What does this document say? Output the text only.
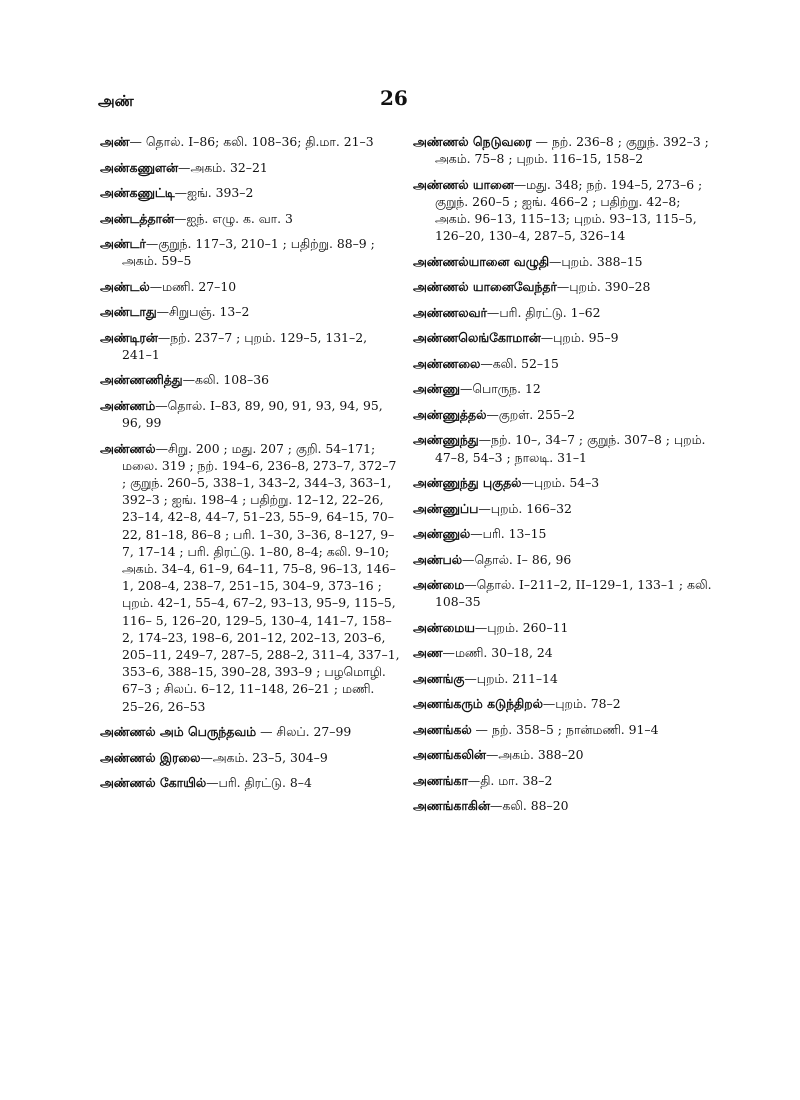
அண்	26
அண்— தொல். I–86; கலி. 108–36; தி.மா. 21–3
அண்கணுளன்—அகம். 32–21
அண்கணுட்டி—ஐங். 393–2
அண்டத்தான்—ஐந். எழு. க. வா. 3
அண்டர்—குறுந். 117–3, 210–1 ; பதிற்று. 88–9 ; அகம். 59–5
அண்டல்—மணி. 27–10
அண்டாது—சிறுபஞ். 13–2
அண்டிரன்—நற். 237–7 ; புறம். 129–5, 131–2, 241–1
அண்ணணித்து—கலி. 108–36
அண்ணம்—தொல். I–83, 89, 90, 91, 93, 94, 95, 96, 99
அண்ணல்—சிறு. 200 ; மது. 207 ; குறி. 54–171; மலை. 319 ; நற். 194–6, 236–8, 273–7, 372–7 ; குறுந். 260–5, 338–1, 343–2, 344–3, 363–1, 392–3 ; ஐங். 198–4 ; பதிற்று. 12–12, 22–26, 23–14, 42–8, 44–7, 51–23, 55–9, 64–15, 70–22, 81–18, 86–8 ; பரி. 1–30, 3–36, 8–127, 9–7, 17–14 ; பரி. திரட்டு. 1–80, 8–4; கலி. 9–10; அகம். 34–4, 61–9, 64–11, 75–8, 96–13, 146–1, 208–4, 238–7, 251–15, 304–9, 373–16 ; புறம். 42–1, 55–4, 67–2, 93–13, 95–9, 115–5, 116– 5, 126–20, 129–5, 130–4, 141–7, 158–2, 174–23, 198–6, 201–12, 202–13, 203–6, 205–11, 249–7, 287–5, 288–2, 311–4, 337–1, 353–6, 388–15, 390–28, 393–9 ; பழமொழி. 67–3 ; சிலப். 6–12, 11–148, 26–21 ; மணி. 25–26, 26–53
அண்ணல் அம் பெருந்தவம் — சிலப். 27–99
அண்ணல் இரலை—அகம். 23–5, 304–9
அண்ணல் கோயில்—பரி. திரட்டு. 8–4
அண்ணல் நெடுவரை — நற். 236–8 ; குறுந். 392–3 ; அகம். 75–8 ; புறம். 116–15, 158–2
அண்ணல் யானை—மது. 348; நற். 194–5, 273–6 ; குறுந். 260–5 ; ஐங். 466–2 ; பதிற்று. 42–8; அகம். 96–13, 115–13; புறம். 93–13, 115–5, 126–20, 130–4, 287–5, 326–14
அண்ணல்யானை வழுதி—புறம். 388–15
அண்ணல் யானைவேந்தர்—புறம். 390–28
அண்ணலவர்—பரி. திரட்டு. 1–62
அண்ணலெங்கோமான்—புறம். 95–9
அண்ணலை—கலி. 52–15
அண்ணு—பொருந. 12
அண்ணுத்தல்—குறள். 255–2
அண்ணுந்து—நற். 10–, 34–7 ; குறுந். 307–8 ; புறம். 47–8, 54–3 ; நாலடி. 31–1
அண்ணுந்து புகுதல்—புறம். 54–3
அண்ணுப்ப—புறம். 166–32
அண்ணுல்—பரி. 13–15
அண்பல்—தொல். I– 86, 96
அண்மை—தொல். I–211–2, II–129–1, 133–1 ; கலி. 108–35
அண்மைய—புறம். 260–11
அண—மணி. 30–18, 24
அணங்கு—புறம். 211–14
அணங்கரும் கடுந்திறல்—புறம். 78–2
அணங்கல் — நற். 358–5 ; நான்மணி. 91–4
அணங்கலின்—அகம். 388–20
அணங்கா—தி. மா. 38–2
அணங்காகின்—கலி. 88–20
